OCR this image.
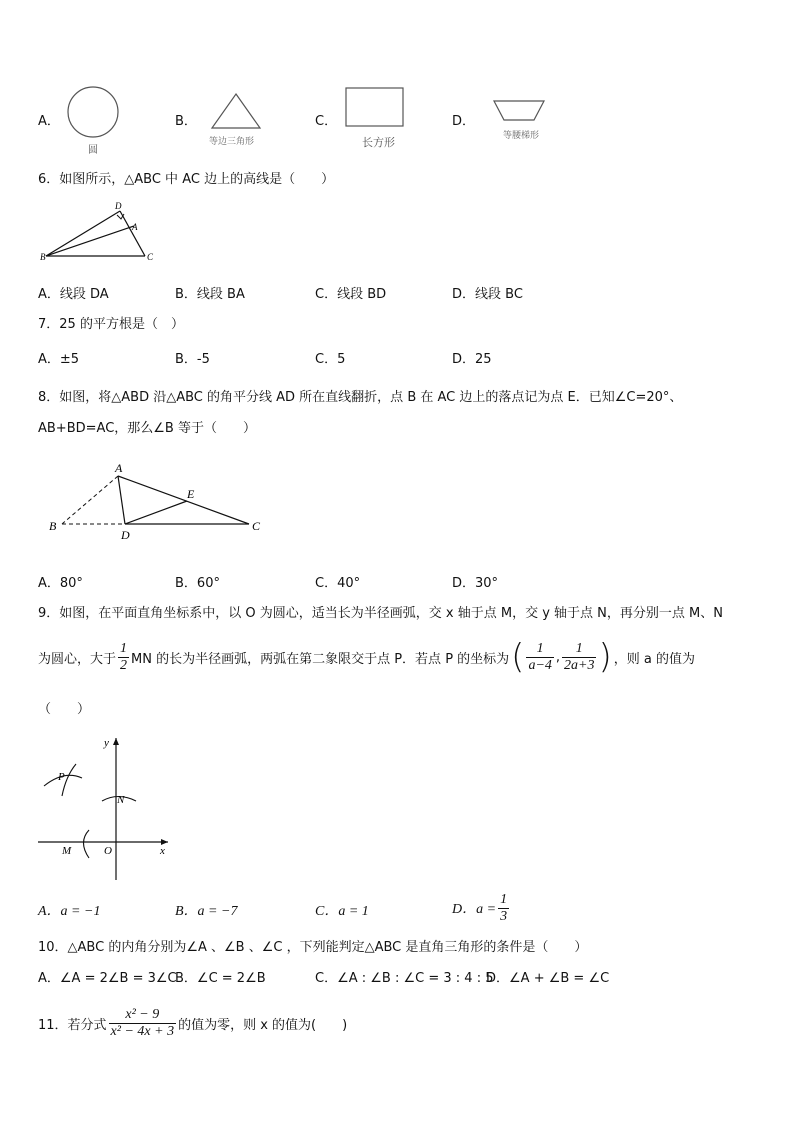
A．
圆
B．
等边三角形
C．
长方形
D．
等腰梯形
6．如图所示，△ABC 中 AC 边上的高线是（　　）
D
A
B	C
A．线段 DA	B．线段 BA	C．线段 BD	D．线段 BC
7．25 的平方根是（　）
A．±5	B．-5	C．5	D．25
8．如图，将△ABD 沿△ABC 的角平分线 AD 所在直线翻折，点 B 在 AC 边上的落点记为点 E．已知∠C=20°、
AB+BD=AC，那么∠B 等于（　　）
A
B	C
D
E
A．80°	B．60°	C．40°	D．30°
9．如图，在平面直角坐标系中，以 O 为圆心，适当长为半径画弧，交 x 轴于点 M，交 y 轴于点 N，再分别一点 M、N
为圆心，大于 $\frac{1}{2}$ MN 的长为半径画弧，两弧在第二象限交于点 P．若点 P 的坐标为 ( $\frac{1}{a-4}$ , $\frac{1}{2a+3}$ ) ，则 a 的值为
（　　）
y
x
P
N
M	O
A．a = −1	B．a = −7	C．a = 1	D．$a = \frac{1}{3}$
10．△ABC 的内角分别为∠A 、∠B 、∠C ，下列能判定△ABC 是直角三角形的条件是（　　）
A．∠A = 2∠B = 3∠C
B．∠C = 2∠B	C．∠A : ∠B : ∠C = 3 : 4 : 5
D．∠A + ∠B = ∠C
11．若分式 $\frac{\text{x² − 9}}{\text{x² − 4x + 3}}$ 的值为零，则 x 的值为(　　)
